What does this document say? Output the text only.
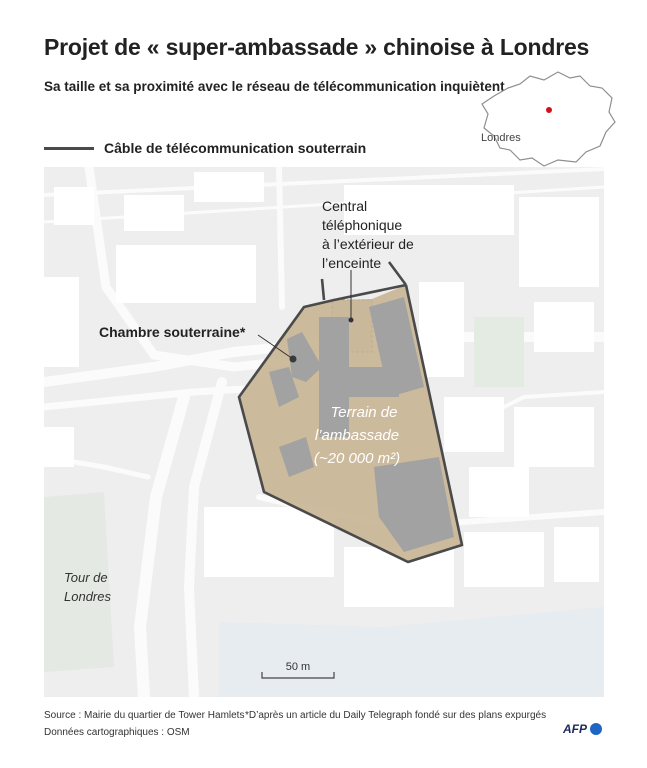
Projet de « super-ambassade » chinoise à Londres
Sa taille et sa proximité avec le réseau de télécommunication inquiètent
Câble de télécommunication souterrain
Londres
Central
téléphonique
à l’extérieur de
l’enceinte
Chambre souterraine*
Terrain de
l’ambassade
(~20 000 m²)
Tour de
Londres
50 m
Source : Mairie du quartier de Tower Hamlets *D’après un article du Daily Telegraph fondé sur des plans expurgés
Données cartographiques : OSM	AFP
